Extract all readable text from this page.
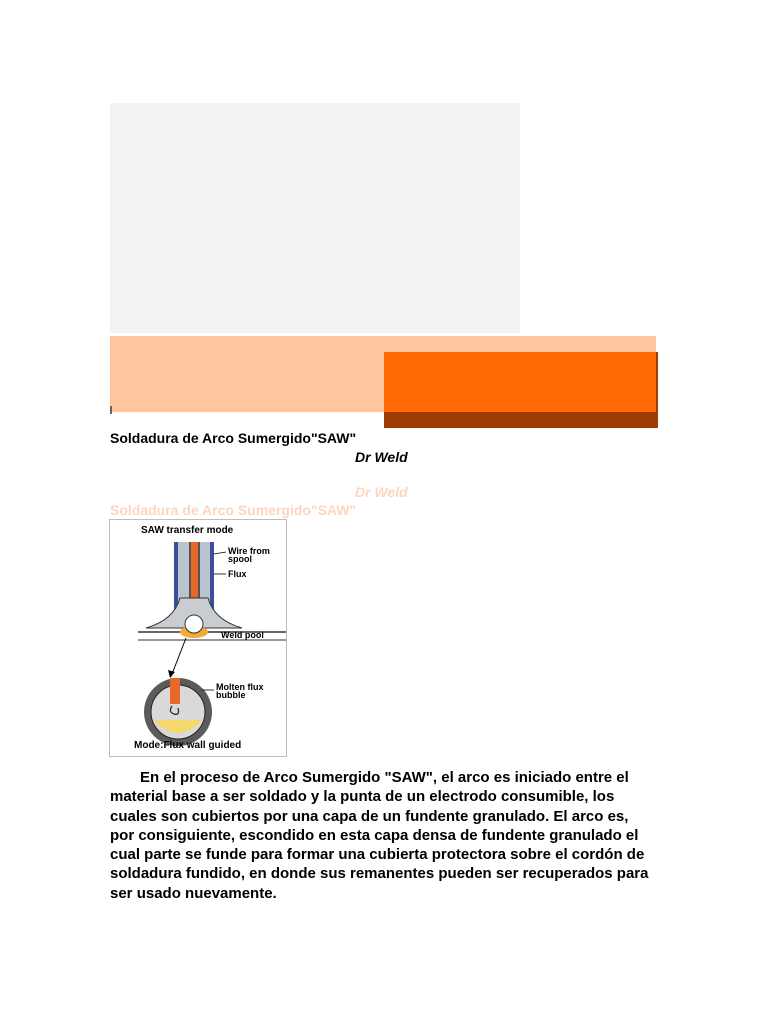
Soldadura de Arco Sumergido"SAW"
Dr Weld
Dr Weld
Soldadura de Arco Sumergido"SAW"
SAW transfer mode
Wire from
spool
Flux
Weld pool
Molten flux
bubble
Mode:Flux wall guided
  En el proceso de Arco Sumergido "SAW", el arco es iniciado entre el material base a ser soldado y la punta de un electrodo consumible, los cuales son cubiertos por una capa de un fundente granulado. El arco es, por consiguiente, escondido en esta capa densa de fundente granulado el cual parte se funde para formar una cubierta protectora sobre el cordón de soldadura fundido, en donde sus remanentes pueden ser recuperados para ser usado nuevamente.
